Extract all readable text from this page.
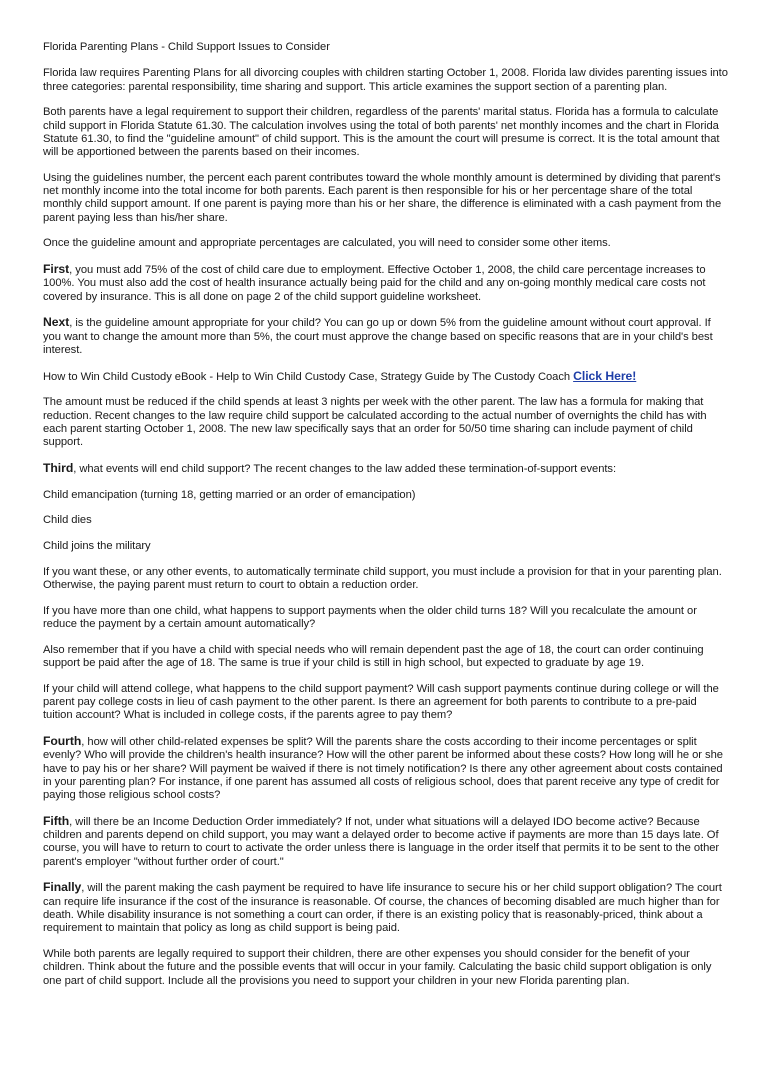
Florida Parenting Plans - Child Support Issues to Consider

Florida law requires Parenting Plans for all divorcing couples with children starting October 1, 2008. Florida law divides parenting issues into three categories: parental responsibility, time sharing and support. This article examines the support section of a parenting plan.

Both parents have a legal requirement to support their children, regardless of the parents' marital status. Florida has a formula to calculate child support in Florida Statute 61.30. The calculation involves using the total of both parents' net monthly incomes and the chart in Florida Statute 61.30, to find the "guideline amount" of child support. This is the amount the court will presume is correct. It is the total amount that will be apportioned between the parents based on their incomes.

Using the guidelines number, the percent each parent contributes toward the whole monthly amount is determined by dividing that parent's net monthly income into the total income for both parents. Each parent is then responsible for his or her percentage share of the total monthly child support amount. If one parent is paying more than his or her share, the difference is eliminated with a cash payment from the parent paying less than his/her share.

Once the guideline amount and appropriate percentages are calculated, you will need to consider some other items.

First, you must add 75% of the cost of child care due to employment. Effective October 1, 2008, the child care percentage increases to 100%. You must also add the cost of health insurance actually being paid for the child and any on-going monthly medical care costs not covered by insurance. This is all done on page 2 of the child support guideline worksheet.

Next, is the guideline amount appropriate for your child? You can go up or down 5% from the guideline amount without court approval. If you want to change the amount more than 5%, the court must approve the change based on specific reasons that are in your child's best interest.

How to Win Child Custody eBook - Help to Win Child Custody Case, Strategy Guide by The Custody Coach Click Here!

The amount must be reduced if the child spends at least 3 nights per week with the other parent. The law has a formula for making that reduction. Recent changes to the law require child support be calculated according to the actual number of overnights the child has with each parent starting October 1, 2008. The new law specifically says that an order for 50/50 time sharing can include payment of child support.

Third, what events will end child support? The recent changes to the law added these termination-of-support events:

Child emancipation (turning 18, getting married or an order of emancipation)

Child dies

Child joins the military

If you want these, or any other events, to automatically terminate child support, you must include a provision for that in your parenting plan. Otherwise, the paying parent must return to court to obtain a reduction order.

If you have more than one child, what happens to support payments when the older child turns 18? Will you recalculate the amount or reduce the payment by a certain amount automatically?

Also remember that if you have a child with special needs who will remain dependent past the age of 18, the court can order continuing support be paid after the age of 18. The same is true if your child is still in high school, but expected to graduate by age 19.

If your child will attend college, what happens to the child support payment? Will cash support payments continue during college or will the parent pay college costs in lieu of cash payment to the other parent. Is there an agreement for both parents to contribute to a pre-paid tuition account? What is included in college costs, if the parents agree to pay them?

Fourth, how will other child-related expenses be split? Will the parents share the costs according to their income percentages or split evenly? Who will provide the children's health insurance? How will the other parent be informed about these costs? How long will he or she have to pay his or her share? Will payment be waived if there is not timely notification? Is there any other agreement about costs contained in your parenting plan? For instance, if one parent has assumed all costs of religious school, does that parent receive any type of credit for paying those religious school costs?

Fifth, will there be an Income Deduction Order immediately? If not, under what situations will a delayed IDO become active? Because children and parents depend on child support, you may want a delayed order to become active if payments are more than 15 days late. Of course, you will have to return to court to activate the order unless there is language in the order itself that permits it to be sent to the other parent's employer "without further order of court."

Finally, will the parent making the cash payment be required to have life insurance to secure his or her child support obligation? The court can require life insurance if the cost of the insurance is reasonable. Of course, the chances of becoming disabled are much higher than for death. While disability insurance is not something a court can order, if there is an existing policy that is reasonably-priced, think about a requirement to maintain that policy as long as child support is being paid.

While both parents are legally required to support their children, there are other expenses you should consider for the benefit of your children. Think about the future and the possible events that will occur in your family. Calculating the basic child support obligation is only one part of child support. Include all the provisions you need to support your children in your new Florida parenting plan.
